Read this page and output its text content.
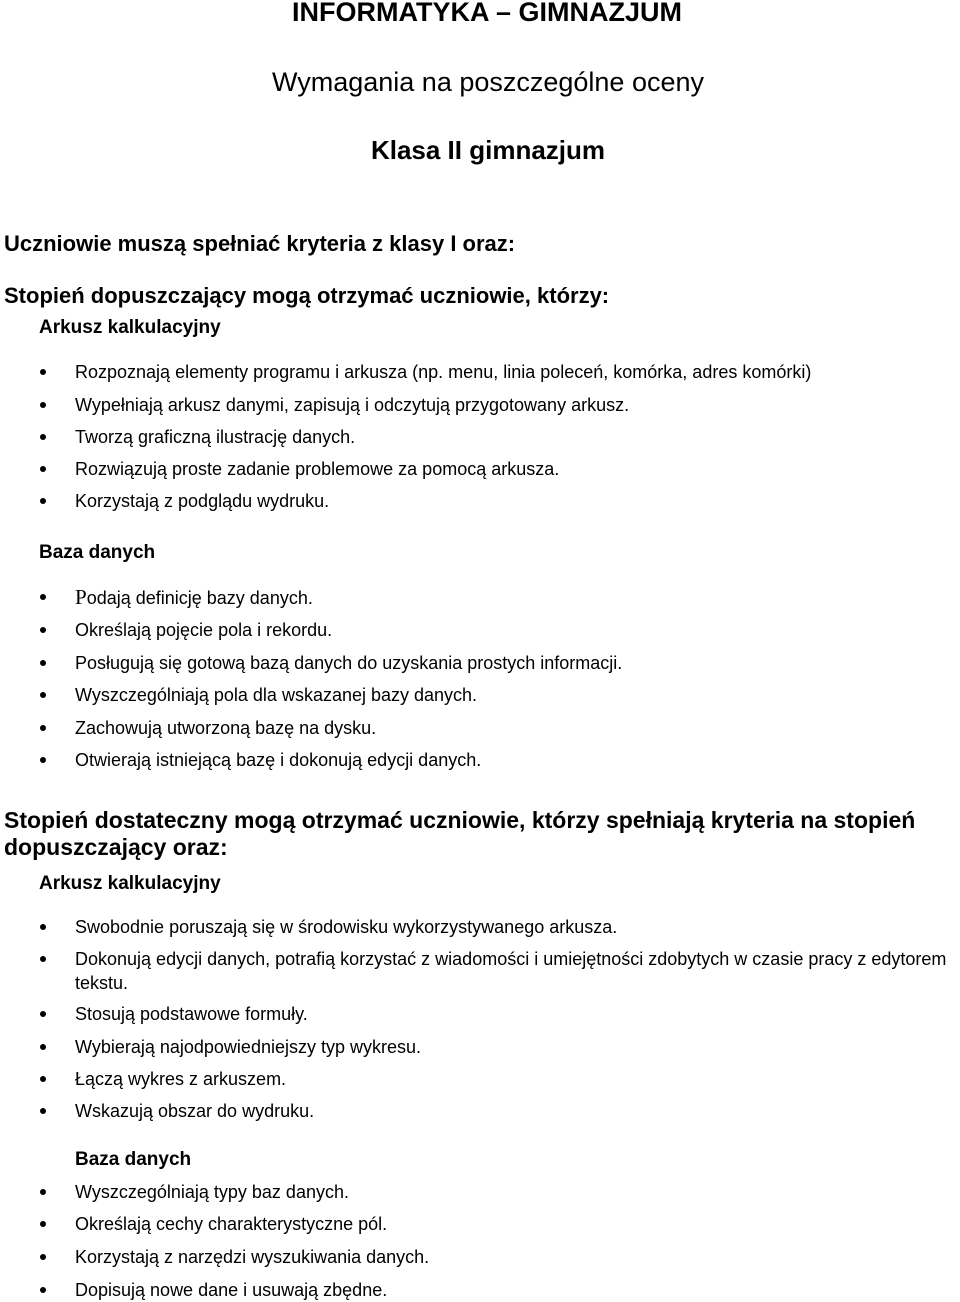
INFORMATYKA – GIMNAZJUM
Wymagania na poszczególne oceny
Klasa II gimnazjum
Uczniowie muszą spełniać kryteria z klasy I oraz:
Stopień dopuszczający mogą otrzymać uczniowie, którzy:
Arkusz kalkulacyjny
Rozpoznają elementy programu i arkusza (np. menu, linia poleceń, komórka, adres komórki)
Wypełniają arkusz danymi, zapisują i odczytują przygotowany arkusz.
Tworzą graficzną ilustrację danych.
Rozwiązują proste zadanie problemowe za pomocą arkusza.
Korzystają z podglądu wydruku.
Baza danych
Podają definicję bazy danych.
Określają pojęcie pola i rekordu.
Posługują się gotową bazą danych do uzyskania prostych informacji.
Wyszczególniają pola dla wskazanej bazy danych.
Zachowują utworzoną bazę na dysku.
Otwierają istniejącą bazę i dokonują edycji danych.
Stopień dostateczny mogą otrzymać uczniowie, którzy spełniają kryteria na stopień
dopuszczający oraz:
Arkusz kalkulacyjny
Swobodnie poruszają się w środowisku wykorzystywanego arkusza.
Dokonują edycji danych, potrafią korzystać z wiadomości i umiejętności zdobytych w czasie pracy z edytorem tekstu.
Stosują podstawowe formuły.
Wybierają najodpowiedniejszy typ wykresu.
Łączą wykres z arkuszem.
Wskazują obszar do wydruku.
Baza danych
Wyszczególniają typy baz danych.
Określają cechy charakterystyczne pól.
Korzystają z narzędzi wyszukiwania danych.
Dopisują nowe dane i usuwają zbędne.
